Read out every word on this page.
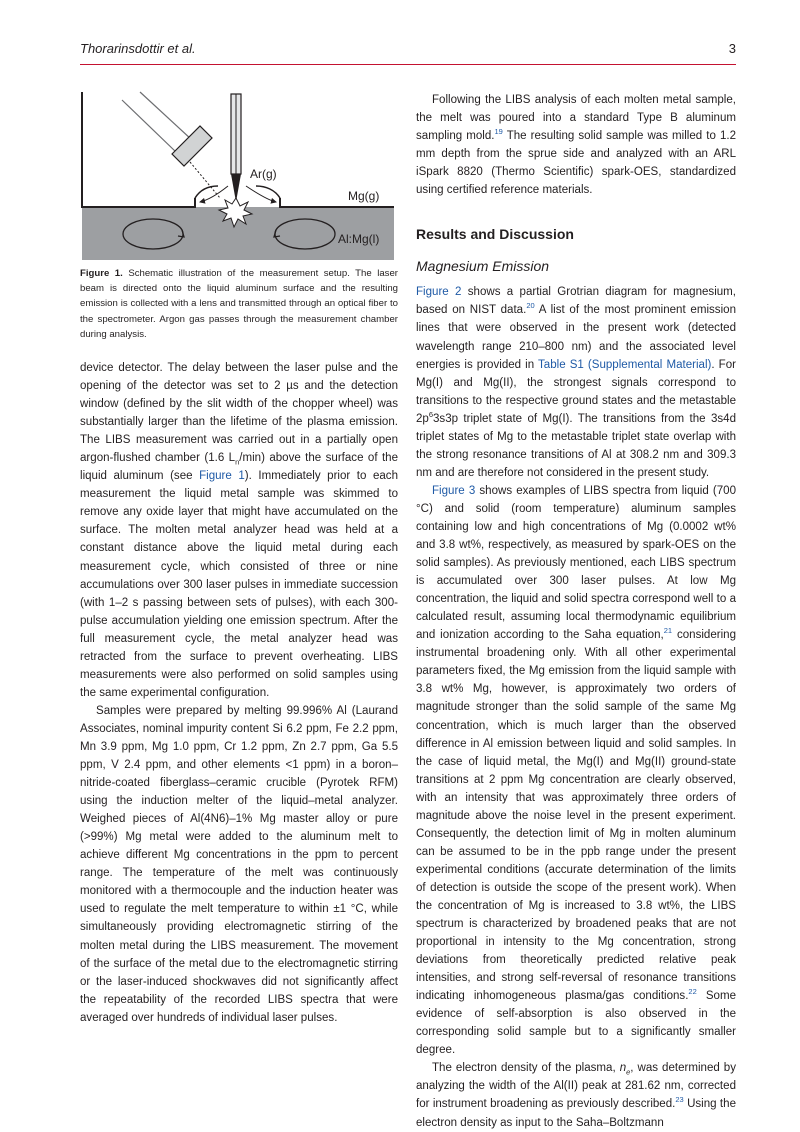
Thorarinsdottir et al.	3
Ar(g)
Mg(g)
Al:Mg(l)
Figure 1. Schematic illustration of the measurement setup. The laser beam is directed onto the liquid aluminum surface and the resulting emission is collected with a lens and transmitted through an optical fiber to the spectrometer. Argon gas passes through the measurement chamber during analysis.

device detector. The delay between the laser pulse and the opening of the detector was set to 2 µs and the detection window (defined by the slit width of the chopper wheel) was substantially larger than the lifetime of the plasma emission. The LIBS measurement was carried out in a partially open argon-flushed chamber (1.6 $L_n/\min$) above the surface of the liquid aluminum (see Figure 1). Immediately prior to each measurement the liquid metal sample was skimmed to remove any oxide layer that might have accumulated on the surface. The molten metal analyzer head was held at a constant distance above the liquid metal during each measurement cycle, which consisted of three or nine accumulations over 300 laser pulses in immediate succession (with 1–2 s passing between sets of pulses), with each 300-pulse accumulation yielding one emission spectrum. After the full measurement cycle, the metal analyzer head was retracted from the surface to prevent overheating. LIBS measurements were also performed on solid samples using the same experimental configuration.

Samples were prepared by melting 99.996% Al (Laurand Associates, nominal impurity content Si 6.2 ppm, Fe 2.2 ppm, Mn 3.9 ppm, Mg 1.0 ppm, Cr 1.2 ppm, Zn 2.7 ppm, Ga 5.5 ppm, V 2.4 ppm, and other elements <1 ppm) in a boron–nitride-coated fiberglass–ceramic crucible (Pyrotek RFM) using the induction melter of the liquid–metal analyzer. Weighed pieces of Al(4N6)–1% Mg master alloy or pure (>99%) Mg metal were added to the aluminum melt to achieve different Mg concentrations in the ppm to percent range. The temperature of the melt was continuously monitored with a thermocouple and the induction heater was used to regulate the melt temperature to within ±1 °C, while simultaneously providing electromagnetic stirring of the molten metal during the LIBS measurement. The movement of the surface of the metal due to the electromagnetic stirring or the laser-induced shockwaves did not significantly affect the repeatability of the recorded LIBS spectra that were averaged over hundreds of individual laser pulses.

Following the LIBS analysis of each molten metal sample, the melt was poured into a standard Type B aluminum sampling mold.$^{19}$ The resulting solid sample was milled to 1.2 mm depth from the sprue side and analyzed with an ARL iSpark 8820 (Thermo Scientific) spark-OES, standardized using certified reference materials.

Results and Discussion
Magnesium Emission

Figure 2 shows a partial Grotrian diagram for magnesium, based on NIST data.$^{20}$ A list of the most prominent emission lines that were observed in the present work (detected wavelength range 210–800 nm) and the associated level energies is provided in Table S1 (Supplemental Material). For Mg(I) and Mg(II), the strongest signals correspond to transitions to the respective ground states and the metastable $2p^63s3p$ triplet state of Mg(I). The transitions from the 3s4d triplet states of Mg to the metastable triplet state overlap with the strong resonance transitions of Al at 308.2 nm and 309.3 nm and are therefore not considered in the present study.

Figure 3 shows examples of LIBS spectra from liquid (700 °C) and solid (room temperature) aluminum samples containing low and high concentrations of Mg (0.0002 wt% and 3.8 wt%, respectively, as measured by spark-OES on the solid samples). As previously mentioned, each LIBS spectrum is accumulated over 300 laser pulses. At low Mg concentration, the liquid and solid spectra correspond well to a calculated result, assuming local thermodynamic equilibrium and ionization according to the Saha equation,$^{21}$ considering instrumental broadening only. With all other experimental parameters fixed, the Mg emission from the liquid sample with 3.8 wt% Mg, however, is approximately two orders of magnitude stronger than the solid sample of the same Mg concentration, which is much larger than the observed difference in Al emission between liquid and solid samples. In the case of liquid metal, the Mg(I) and Mg(II) ground-state transitions at 2 ppm Mg concentration are clearly observed, with an intensity that was approximately three orders of magnitude above the noise level in the present experiment. Consequently, the detection limit of Mg in molten aluminum can be assumed to be in the ppb range under the present experimental conditions (accurate determination of the limits of detection is outside the scope of the present work). When the concentration of Mg is increased to 3.8 wt%, the LIBS spectrum is characterized by broadened peaks that are not proportional in intensity to the Mg concentration, strong deviations from theoretically predicted relative peak intensities, and strong self-reversal of resonance transitions indicating inhomogeneous plasma/gas conditions.$^{22}$ Some evidence of self-absorption is also observed in the corresponding solid sample but to a significantly smaller degree.

The electron density of the plasma, $n_e$, was determined by analyzing the width of the Al(II) peak at 281.62 nm, corrected for instrument broadening as previously described.$^{23}$ Using the electron density as input to the Saha–Boltzmann
